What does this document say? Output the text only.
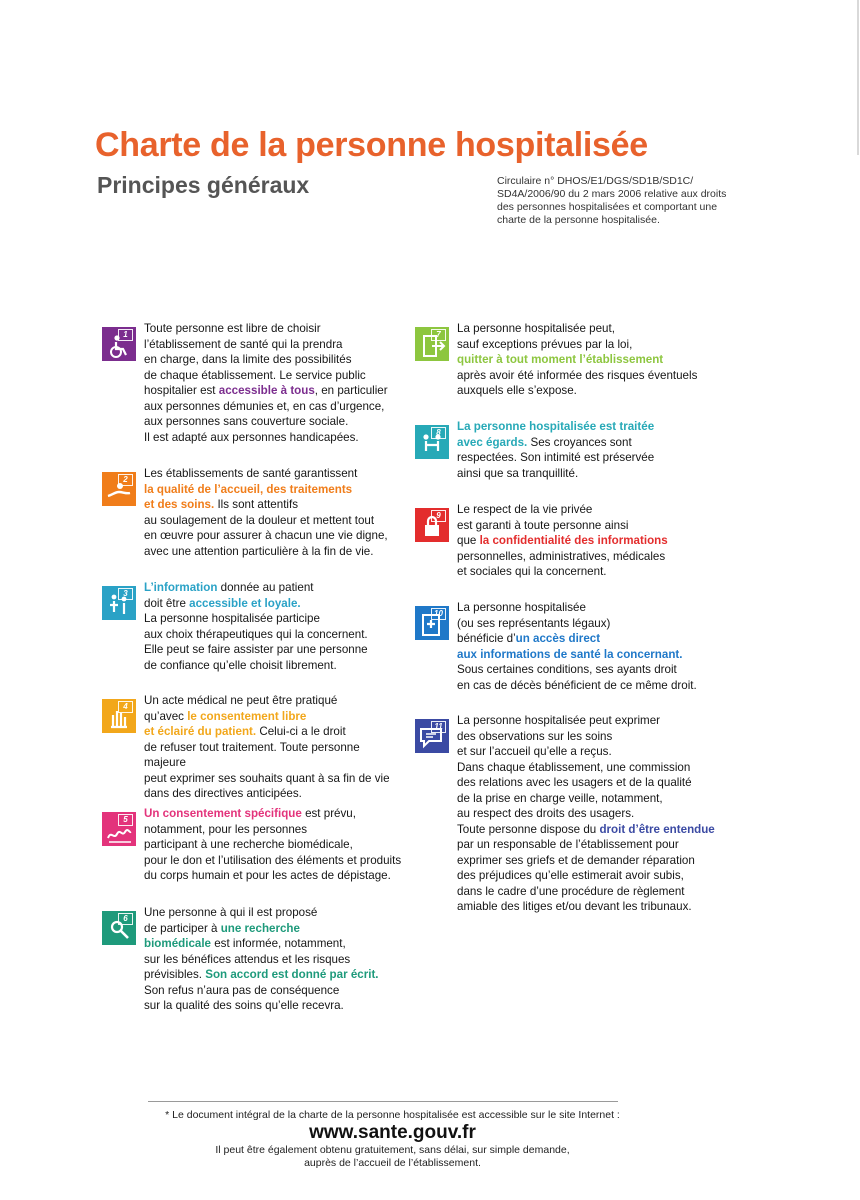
Charte de la personne hospitalisée
Principes généraux	Circulaire n° DHOS/E1/DGS/SD1B/SD1C/
SD4A/2006/90 du 2 mars 2006 relative aux droits
des personnes hospitalisées et comportant une
charte de la personne hospitalisée.
1	Toute personne est libre de choisir
l’établissement de santé qui la prendra
en charge, dans la limite des possibilités
de chaque établissement. Le service public
hospitalier est accessible à tous, en particulier
aux personnes démunies et, en cas d’urgence,
aux personnes sans couverture sociale.
Il est adapté aux personnes handicapées.

2	Les établissements de santé garantissent
la qualité de l’accueil, des traitements
et des soins. Ils sont attentifs
au soulagement de la douleur et mettent tout
en œuvre pour assurer à chacun une vie digne,
avec une attention particulière à la fin de vie.

3	L’information donnée au patient
doit être accessible et loyale.
La personne hospitalisée participe
aux choix thérapeutiques qui la concernent.
Elle peut se faire assister par une personne
de confiance qu’elle choisit librement.

4	Un acte médical ne peut être pratiqué
qu’avec le consentement libre
et éclairé du patient. Celui-ci a le droit
de refuser tout traitement. Toute personne majeure
peut exprimer ses souhaits quant à sa fin de vie
dans des directives anticipées.

5	Un consentement spécifique est prévu,
notamment, pour les personnes
participant à une recherche biomédicale,
pour le don et l’utilisation des éléments et produits
du corps humain et pour les actes de dépistage.

6	Une personne à qui il est proposé
de participer à une recherche
biomédicale est informée, notamment,
sur les bénéfices attendus et les risques
prévisibles. Son accord est donné par écrit.
Son refus n’aura pas de conséquence
sur la qualité des soins qu’elle recevra.

7	La personne hospitalisée peut,
sauf exceptions prévues par la loi,
quitter à tout moment l’établissement
après avoir été informée des risques éventuels
auxquels elle s’expose.

8	La personne hospitalisée est traitée
avec égards. Ses croyances sont
respectées. Son intimité est préservée
ainsi que sa tranquillité.

9	Le respect de la vie privée
est garanti à toute personne ainsi
que la confidentialité des informations
personnelles, administratives, médicales
et sociales qui la concernent.

10	La personne hospitalisée
(ou ses représentants légaux)
bénéficie d’un accès direct
aux informations de santé la concernant.
Sous certaines conditions, ses ayants droit
en cas de décès bénéficient de ce même droit.

11	La personne hospitalisée peut exprimer
des observations sur les soins
et sur l’accueil qu’elle a reçus.
Dans chaque établissement, une commission
des relations avec les usagers et de la qualité
de la prise en charge veille, notamment,
au respect des droits des usagers.
Toute personne dispose du droit d’être entendue
par un responsable de l’établissement pour
exprimer ses griefs et de demander réparation
des préjudices qu’elle estimerait avoir subis,
dans le cadre d’une procédure de règlement
amiable des litiges et/ou devant les tribunaux.

* Le document intégral de la charte de la personne hospitalisée est accessible sur le site Internet :
www.sante.gouv.fr
Il peut être également obtenu gratuitement, sans délai, sur simple demande,
auprès de l’accueil de l’établissement.
